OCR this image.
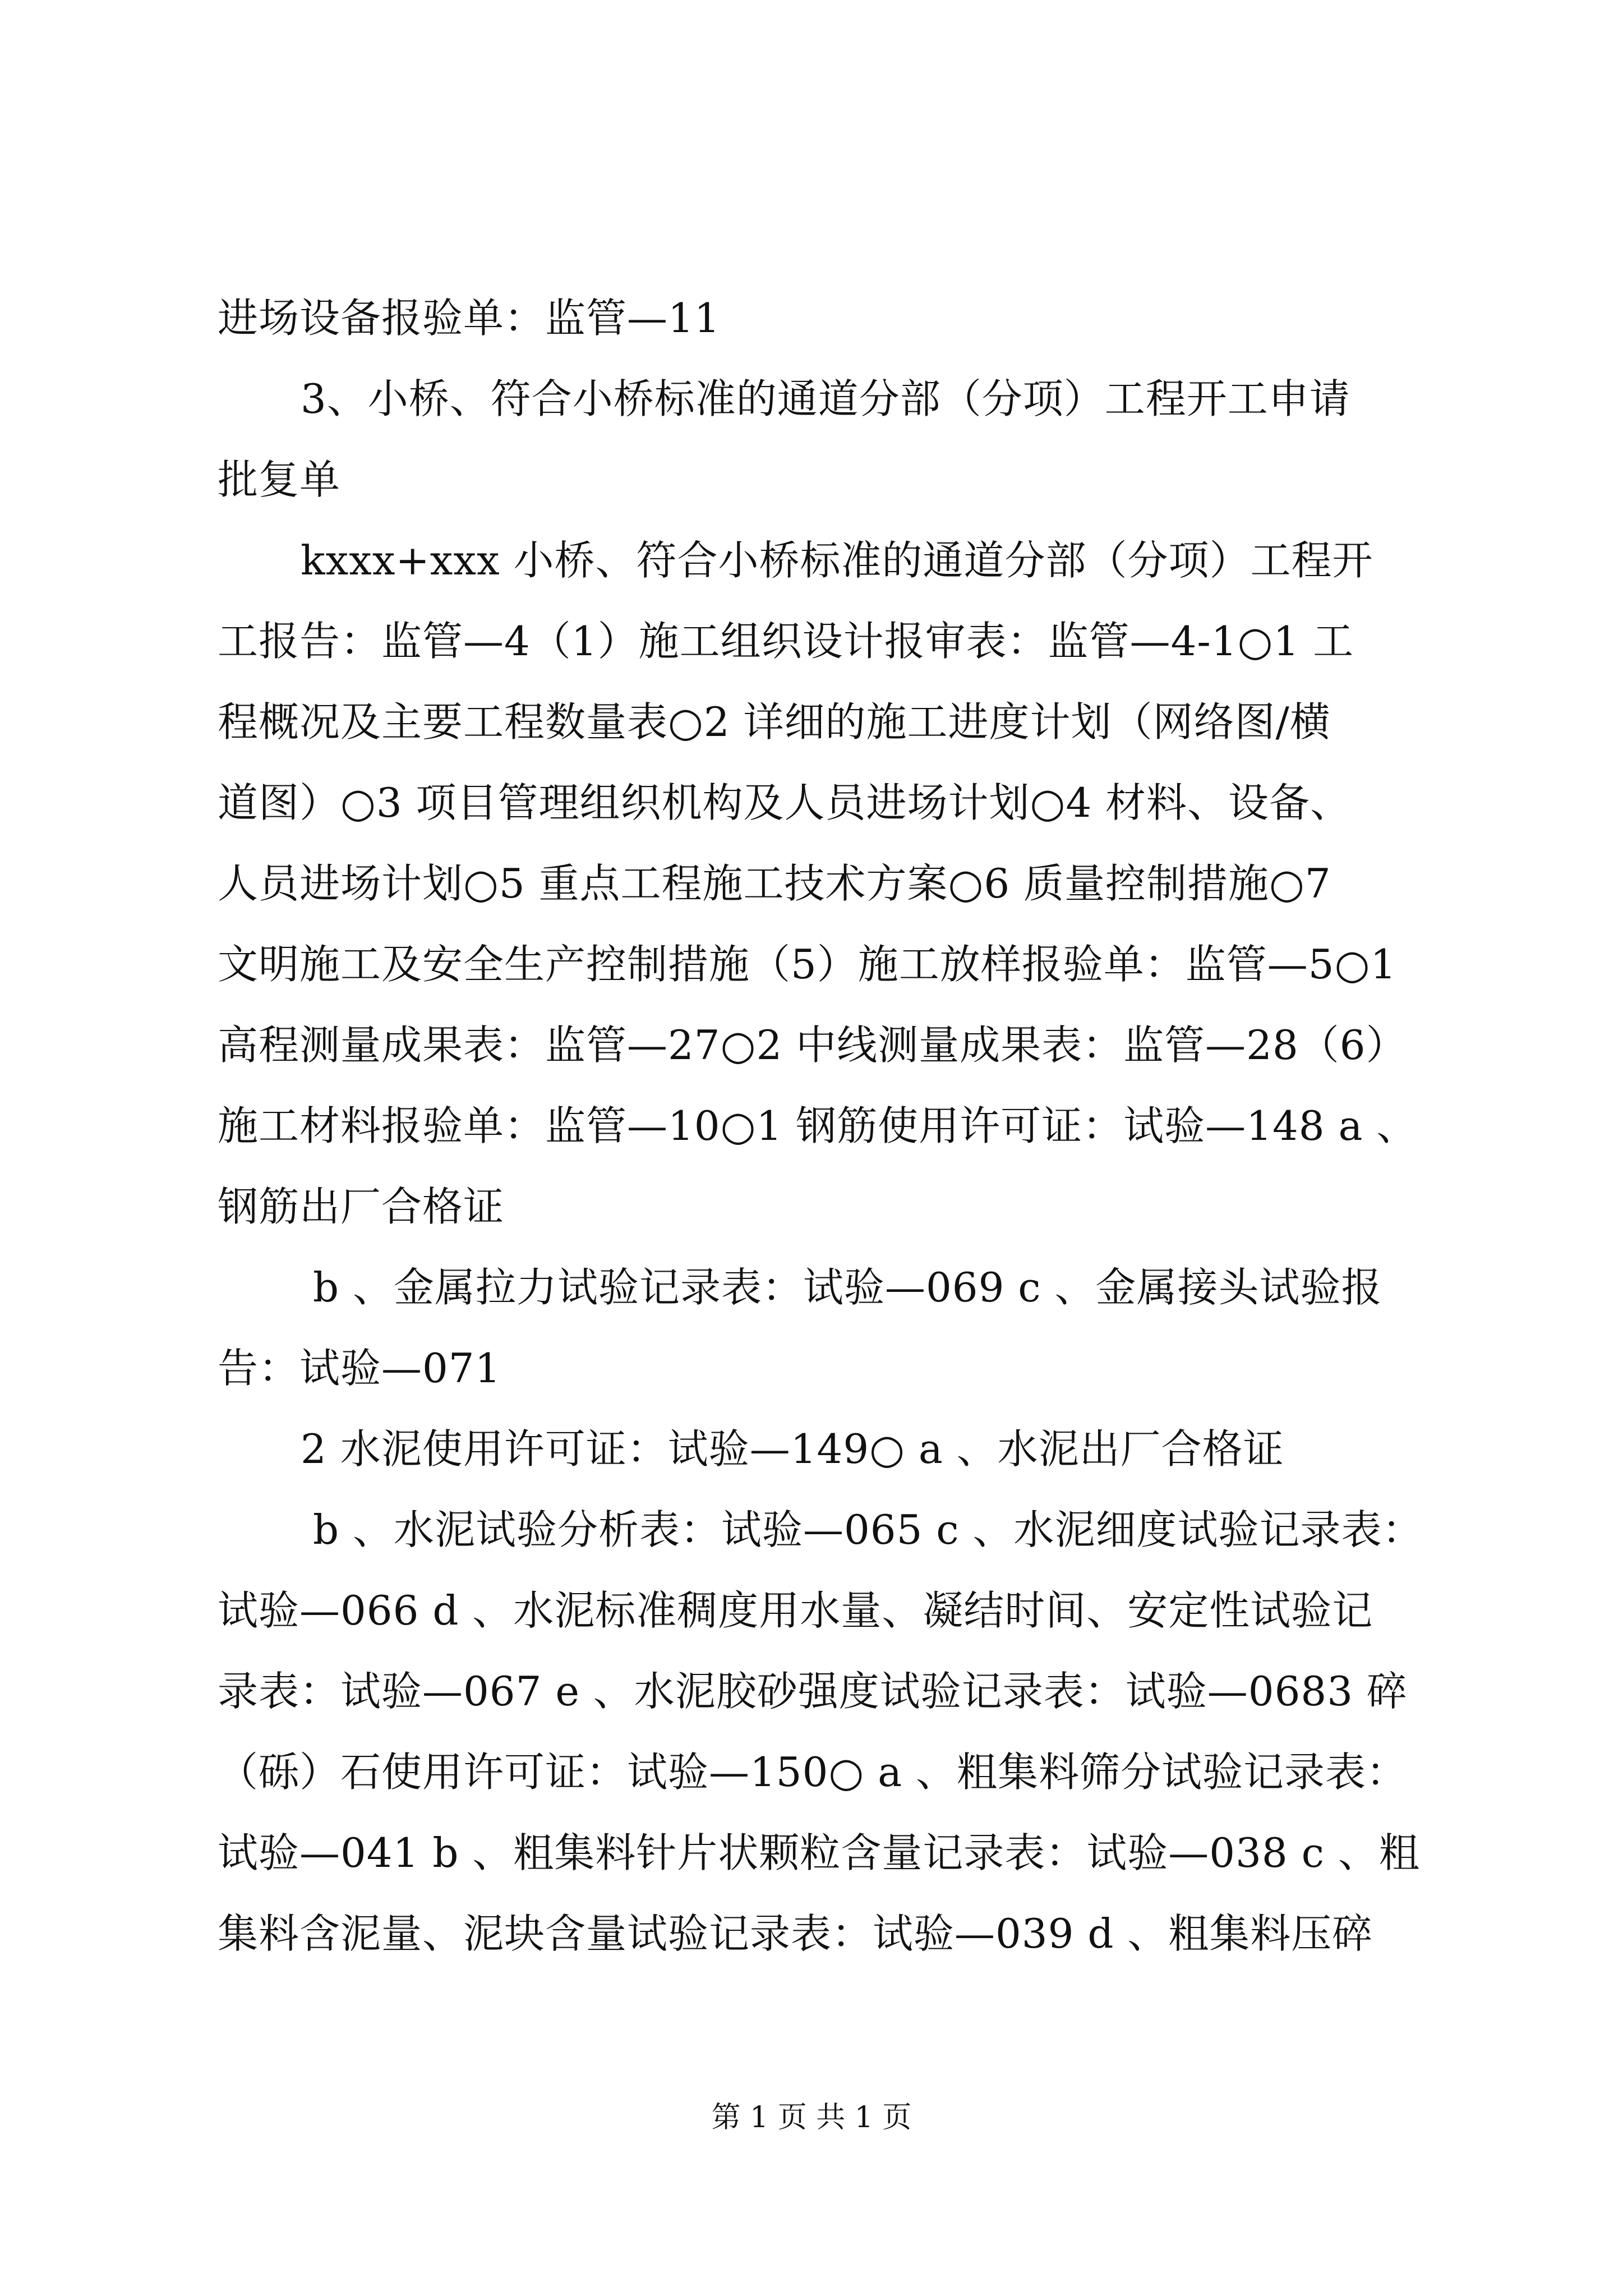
进场设备报验单：监管—11
3、小桥、符合小桥标准的通道分部（分项）工程开工申请
批复单
kxxx+xxx 小桥、符合小桥标准的通道分部（分项）工程开
工报告：监管—4（1）施工组织设计报审表：监管—4-1○1 工
程概况及主要工程数量表○2 详细的施工进度计划（网络图/横
道图）○3 项目管理组织机构及人员进场计划○4 材料、设备、
人员进场计划○5 重点工程施工技术方案○6 质量控制措施○7
文明施工及安全生产控制措施（5）施工放样报验单：监管—5○1
高程测量成果表：监管—27○2 中线测量成果表：监管—28（6）
施工材料报验单：监管—10○1 钢筋使用许可证：试验—148 a 、
钢筋出厂合格证
b 、金属拉力试验记录表：试验—069 c 、金属接头试验报
告：试验—071
2 水泥使用许可证：试验—149○ a 、水泥出厂合格证
b 、水泥试验分析表：试验—065 c 、水泥细度试验记录表：
试验—066 d 、水泥标准稠度用水量、凝结时间、安定性试验记
录表：试验—067 e 、水泥胶砂强度试验记录表：试验—0683 碎
（砾）石使用许可证：试验—150○ a 、粗集料筛分试验记录表：
试验—041 b 、粗集料针片状颗粒含量记录表：试验—038 c 、粗
集料含泥量、泥块含量试验记录表：试验—039 d 、粗集料压碎
第 1 页 共 1 页
